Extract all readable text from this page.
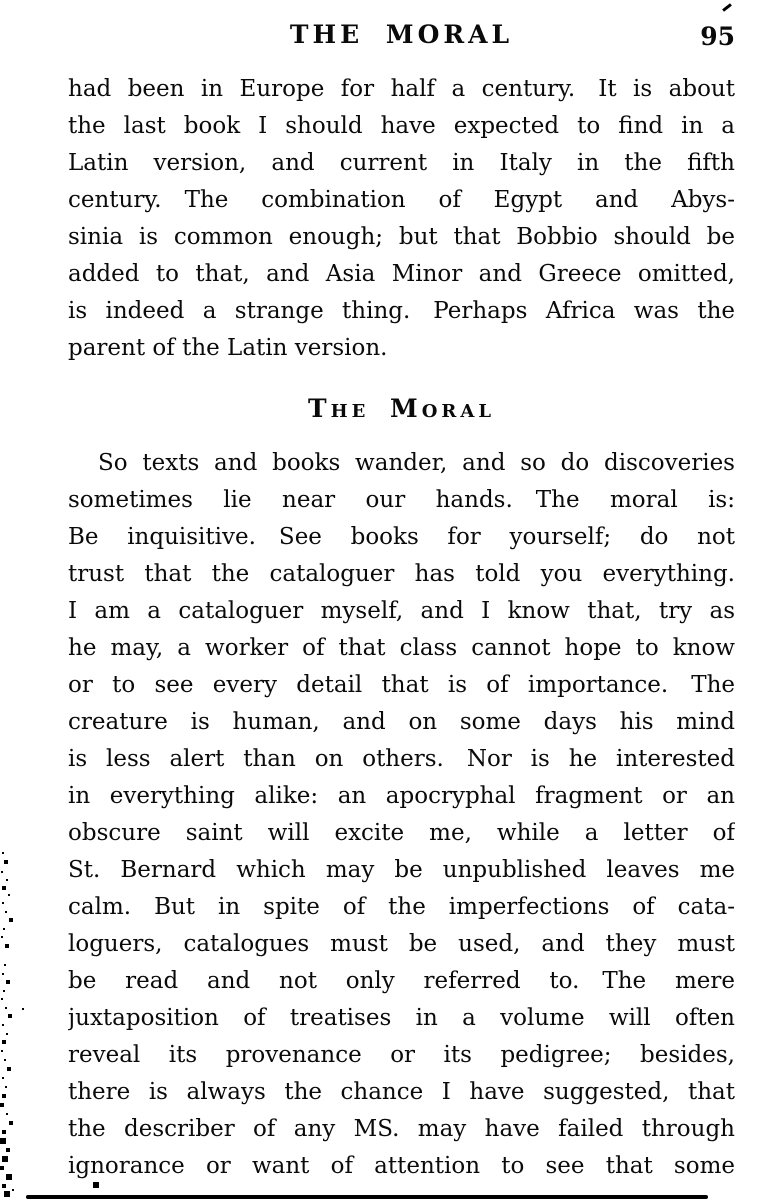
THE MORAL	95
had been in Europe for half a century. It is about
the last book I should have expected to find in a
Latin version, and current in Italy in the fifth
century. The combination of Egypt and Abys-
sinia is common enough; but that Bobbio should be
added to that, and Asia Minor and Greece omitted,
is indeed a strange thing. Perhaps Africa was the
parent of the Latin version.
The Moral
So texts and books wander, and so do discoveries
sometimes lie near our hands. The moral is:
Be inquisitive. See books for yourself; do not
trust that the cataloguer has told you everything.
I am a cataloguer myself, and I know that, try as
he may, a worker of that class cannot hope to know
or to see every detail that is of importance. The
creature is human, and on some days his mind
is less alert than on others. Nor is he interested
in everything alike: an apocryphal fragment or an
obscure saint will excite me, while a letter of
St. Bernard which may be unpublished leaves me
calm. But in spite of the imperfections of cata-
loguers, catalogues must be used, and they must
be read and not only referred to. The mere
juxtaposition of treatises in a volume will often
reveal its provenance or its pedigree; besides,
there is always the chance I have suggested, that
the describer of any MS. may have failed through
ignorance or want of attention to see that some
